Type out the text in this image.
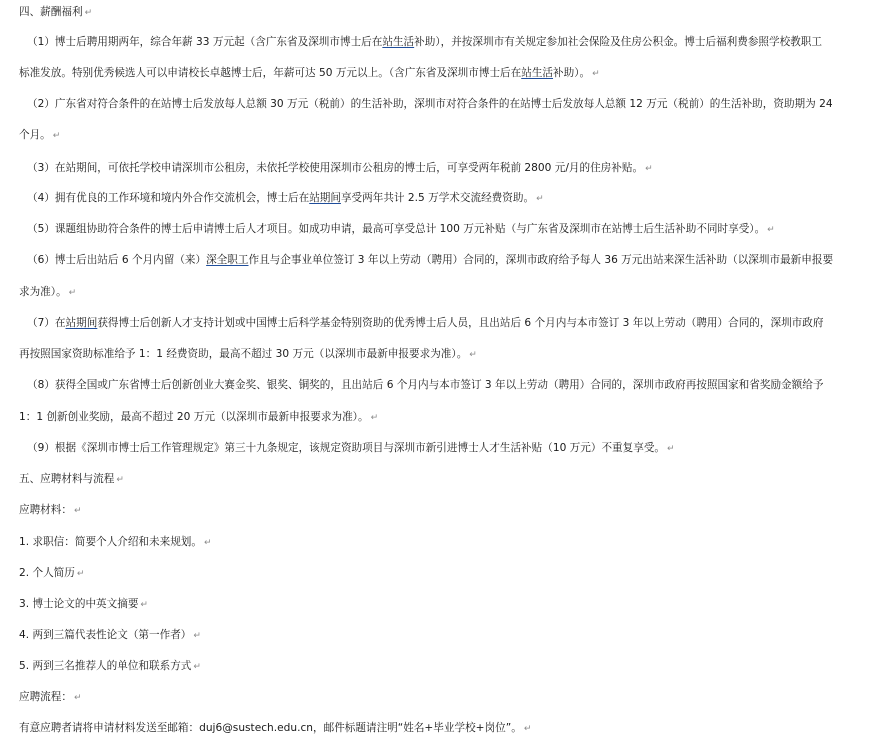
四、薪酬福利 ↵
（1）博士后聘用期两年，综合年薪 33 万元起（含广东省及深圳市博士后在站生活补助），并按深圳市有关规定参加社会保险及住房公积金。博士后福利费参照学校教职工
标准发放。特别优秀候选人可以申请校长卓越博士后，年薪可达 50 万元以上。（含广东省及深圳市博士后在站生活补助）。 ↵
（2）广东省对符合条件的在站博士后发放每人总额 30 万元（税前）的生活补助，深圳市对符合条件的在站博士后发放每人总额 12 万元（税前）的生活补助，资助期为 24
个月。 ↵
（3）在站期间，可依托学校申请深圳市公租房，未依托学校使用深圳市公租房的博士后，可享受两年税前 2800 元/月的住房补贴。 ↵
（4）拥有优良的工作环境和境内外合作交流机会，博士后在站期间享受两年共计 2.5 万学术交流经费资助。 ↵
（5）课题组协助符合条件的博士后申请博士后人才项目。如成功申请，最高可享受总计 100 万元补贴（与广东省及深圳市在站博士后生活补助不同时享受）。 ↵
（6）博士后出站后 6 个月内留（来）深全职工作且与企事业单位签订 3 年以上劳动（聘用）合同的，深圳市政府给予每人 36 万元出站来深生活补助（以深圳市最新申报要
求为准）。 ↵
（7）在站期间获得博士后创新人才支持计划或中国博士后科学基金特别资助的优秀博士后人员，且出站后 6 个月内与本市签订 3 年以上劳动（聘用）合同的，深圳市政府
再按照国家资助标准给予 1：1 经费资助，最高不超过 30 万元（以深圳市最新申报要求为准）。 ↵
（8）获得全国或广东省博士后创新创业大赛金奖、银奖、铜奖的，且出站后 6 个月内与本市签订 3 年以上劳动（聘用）合同的，深圳市政府再按照国家和省奖励金额给予
1：1 创新创业奖励，最高不超过 20 万元（以深圳市最新申报要求为准）。 ↵
（9）根据《深圳市博士后工作管理规定》第三十九条规定，该规定资助项目与深圳市新引进博士人才生活补贴（10 万元）不重复享受。 ↵
五、应聘材料与流程 ↵
应聘材料： ↵
1. 求职信：简要个人介绍和未来规划。 ↵
2. 个人简历 ↵
3. 博士论文的中英文摘要 ↵
4. 两到三篇代表性论文（第一作者） ↵
5. 两到三名推荐人的单位和联系方式 ↵
应聘流程： ↵
有意应聘者请将申请材料发送至邮箱：duj6@sustech.edu.cn，邮件标题请注明“姓名+毕业学校+岗位”。 ↵
